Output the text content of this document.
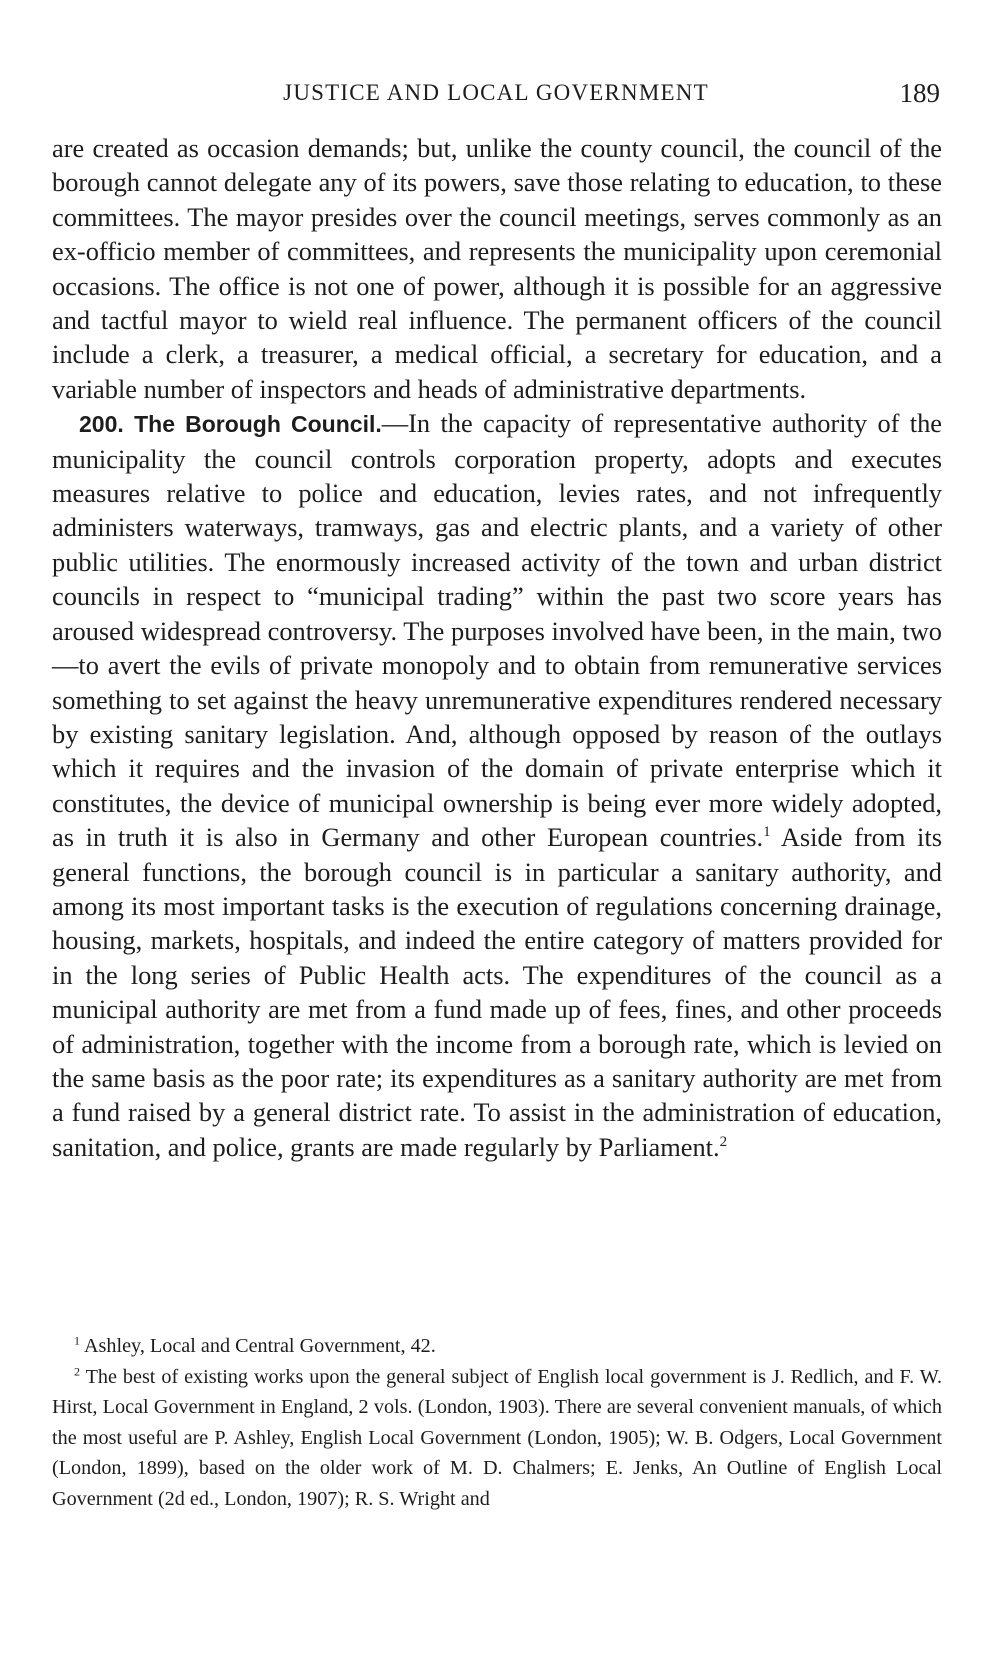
JUSTICE AND LOCAL GOVERNMENT	189

are created as occasion demands; but, unlike the county council, the council of the borough cannot delegate any of its powers, save those relating to education, to these committees. The mayor presides over the council meetings, serves commonly as an ex-officio member of committees, and represents the municipality upon ceremonial occasions. The office is not one of power, although it is possible for an aggressive and tactful mayor to wield real influence. The permanent officers of the council include a clerk, a treasurer, a medical official, a secretary for education, and a variable number of inspectors and heads of administrative departments.

200. The Borough Council.—In the capacity of representative authority of the municipality the council controls corporation property, adopts and executes measures relative to police and education, levies rates, and not infrequently administers waterways, tramways, gas and electric plants, and a variety of other public utilities. The enormously increased activity of the town and urban district councils in respect to “municipal trading” within the past two score years has aroused widespread controversy. The purposes involved have been, in the main, two—to avert the evils of private monopoly and to obtain from remunerative services something to set against the heavy unremunerative expenditures rendered necessary by existing sanitary legislation. And, although opposed by reason of the outlays which it requires and the invasion of the domain of private enterprise which it constitutes, the device of municipal ownership is being ever more widely adopted, as in truth it is also in Germany and other European countries.$^1$ Aside from its general functions, the borough council is in particular a sanitary authority, and among its most important tasks is the execution of regulations concerning drainage, housing, markets, hospitals, and indeed the entire category of matters provided for in the long series of Public Health acts. The expenditures of the council as a municipal authority are met from a fund made up of fees, fines, and other proceeds of administration, together with the income from a borough rate, which is levied on the same basis as the poor rate; its expenditures as a sanitary authority are met from a fund raised by a general district rate. To assist in the administration of education, sanitation, and police, grants are made regularly by Parliament.$^2$

$^1$ Ashley, Local and Central Government, 42.

$^2$ The best of existing works upon the general subject of English local government is J. Redlich, and F. W. Hirst, Local Government in England, 2 vols. (London, 1903). There are several convenient manuals, of which the most useful are P. Ashley, English Local Government (London, 1905); W. B. Odgers, Local Government (London, 1899), based on the older work of M. D. Chalmers; E. Jenks, An Outline of English Local Government (2d ed., London, 1907); R. S. Wright and
